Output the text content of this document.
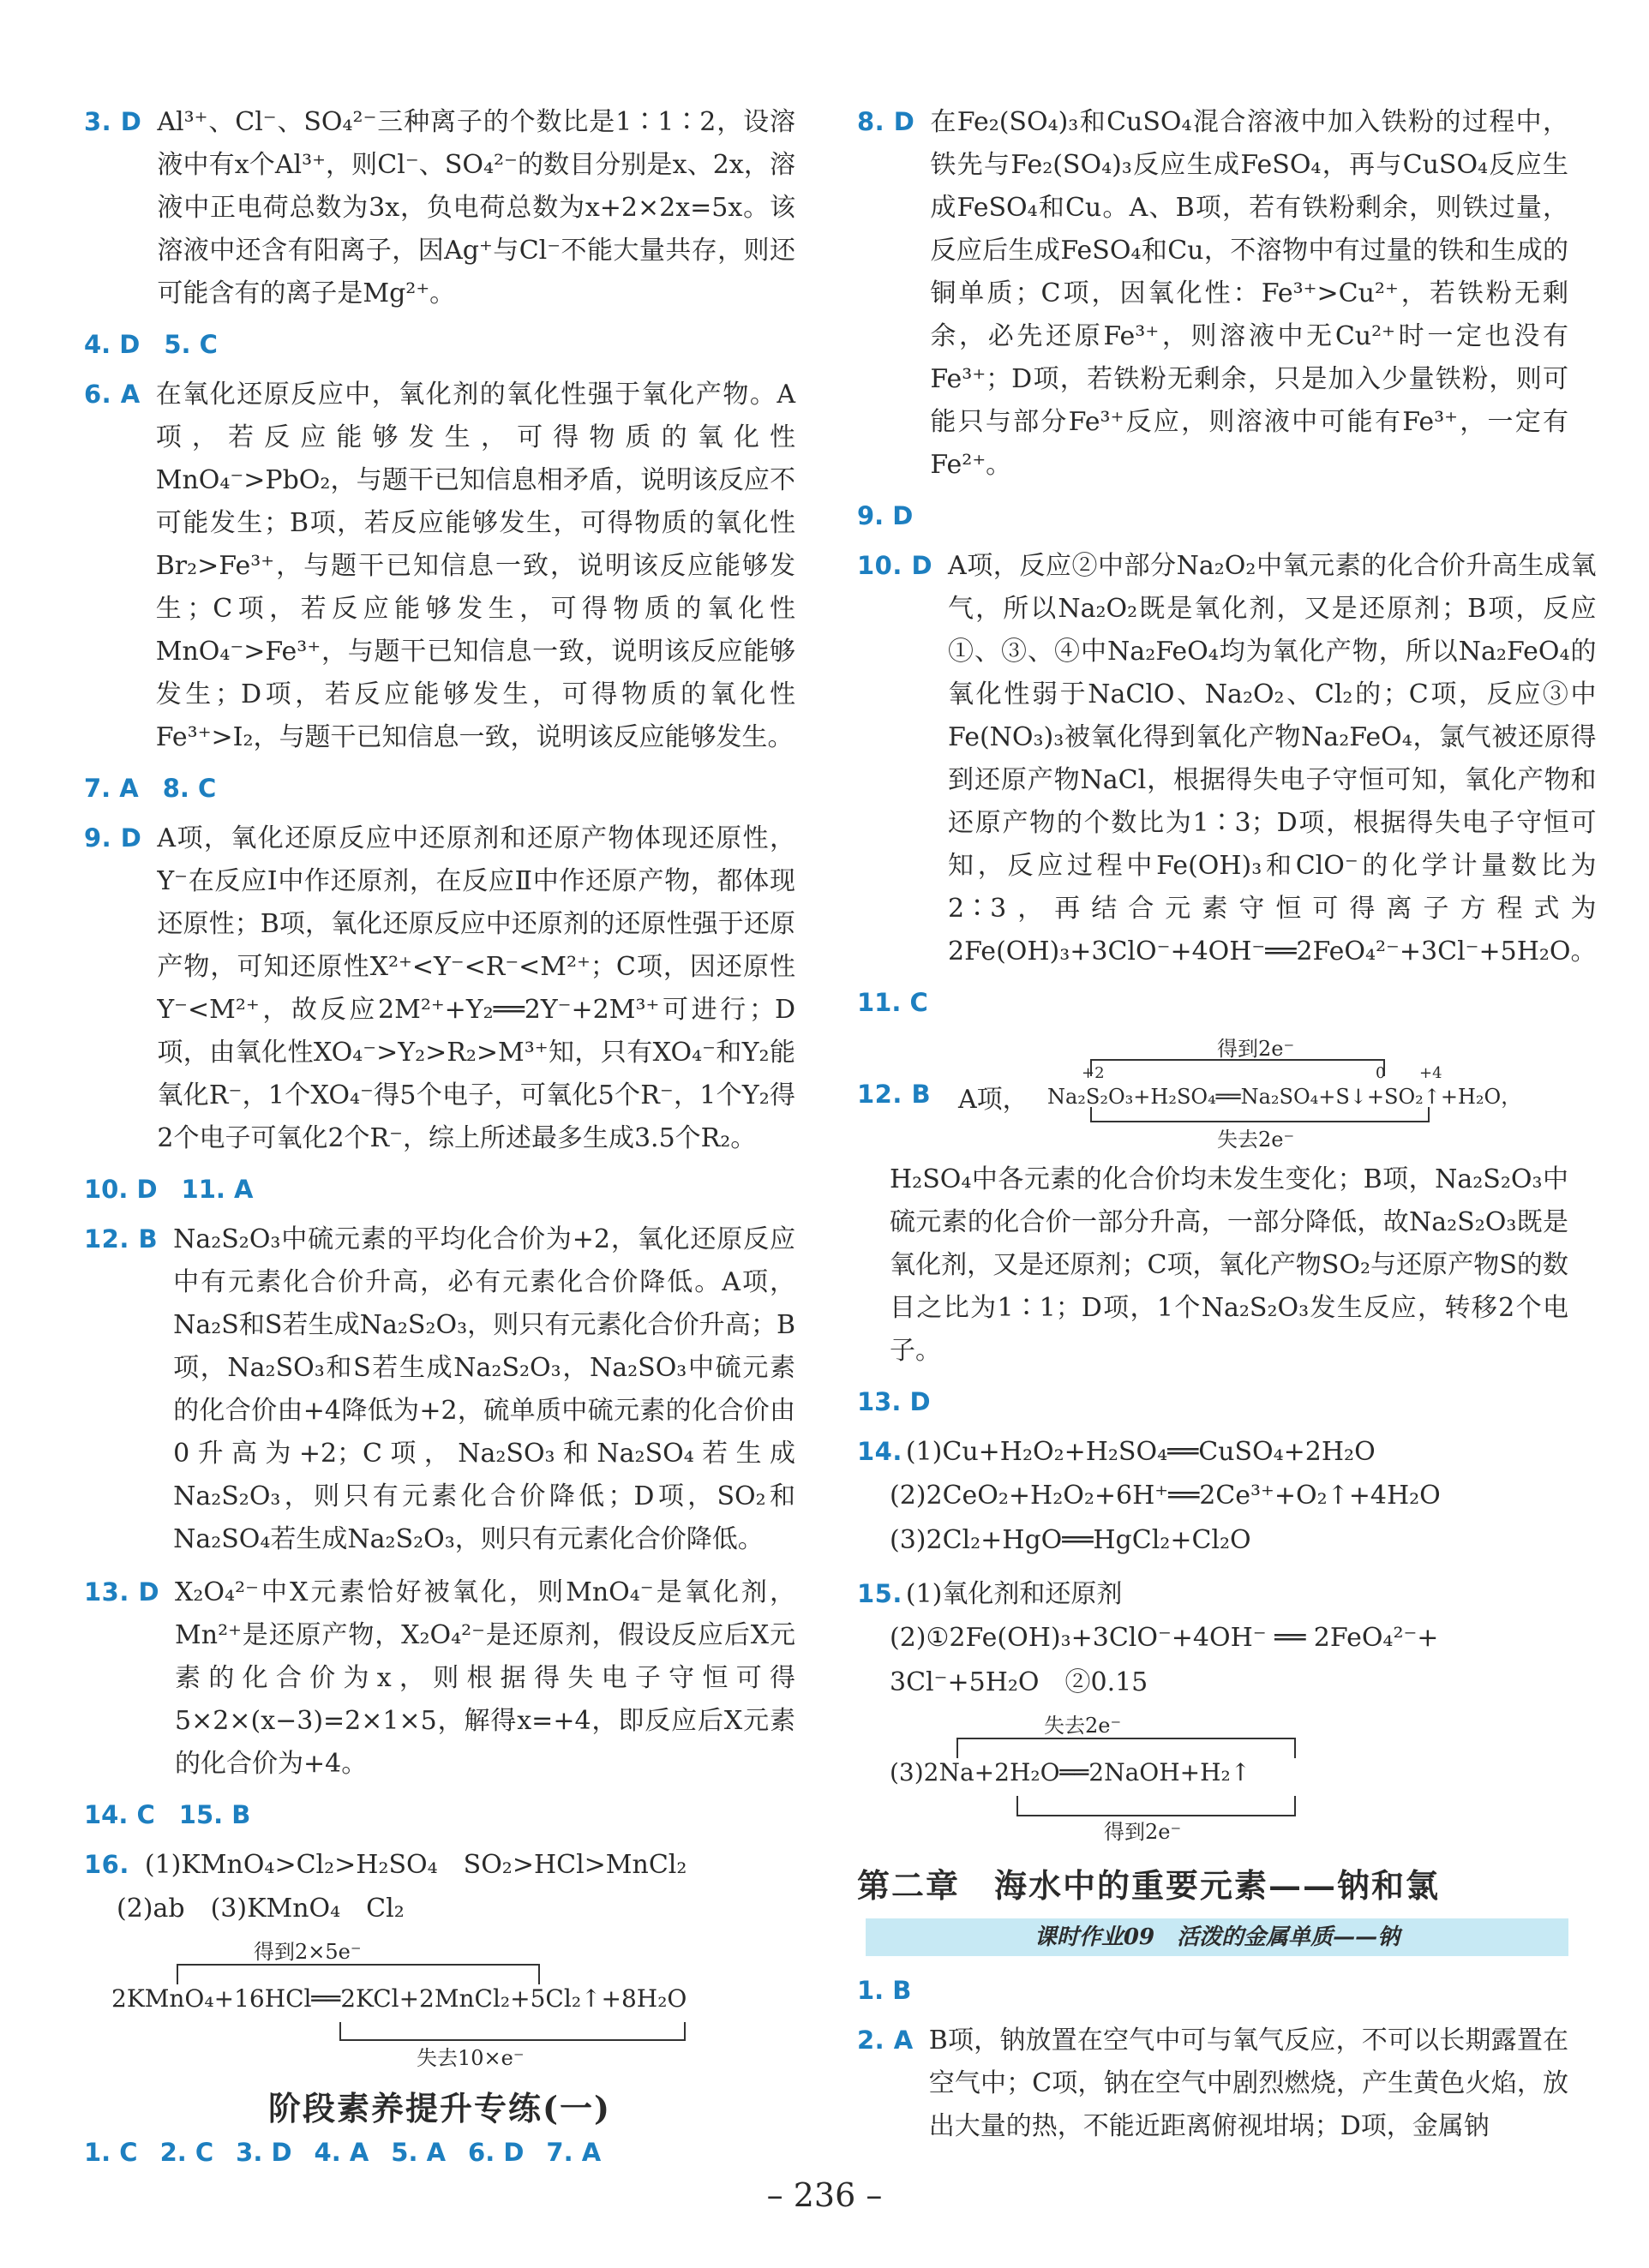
3. D Al³⁺、Cl⁻、SO₄²⁻三种离子的个数比是1∶1∶2，设溶液中有x个Al³⁺，则Cl⁻、SO₄²⁻的数目分别是x、2x，溶液中正电荷总数为3x，负电荷总数为x+2×2x=5x。该溶液中还含有阳离子，因Ag⁺与Cl⁻不能大量共存，则还可能含有的离子是Mg²⁺。
4. D 5. C
6. A 在氧化还原反应中，氧化剂的氧化性强于氧化产物。A项，若反应能够发生，可得物质的氧化性MnO₄⁻>PbO₂，与题干已知信息相矛盾，说明该反应不可能发生；B项，若反应能够发生，可得物质的氧化性Br₂>Fe³⁺，与题干已知信息一致，说明该反应能够发生；C项，若反应能够发生，可得物质的氧化性MnO₄⁻>Fe³⁺，与题干已知信息一致，说明该反应能够发生；D项，若反应能够发生，可得物质的氧化性Fe³⁺>I₂，与题干已知信息一致，说明该反应能够发生。
7. A 8. C
9. D A项，氧化还原反应中还原剂和还原产物体现还原性，Y⁻在反应Ⅰ中作还原剂，在反应Ⅱ中作还原产物，都体现还原性；B项，氧化还原反应中还原剂的还原性强于还原产物，可知还原性X²⁺<Y⁻<R⁻<M²⁺；C项，因还原性Y⁻<M²⁺，故反应2M²⁺+Y₂══2Y⁻+2M³⁺可进行；D项，由氧化性XO₄⁻>Y₂>R₂>M³⁺知，只有XO₄⁻和Y₂能氧化R⁻，1个XO₄⁻得5个电子，可氧化5个R⁻，1个Y₂得2个电子可氧化2个R⁻，综上所述最多生成3.5个R₂。
10. D 11. A
12. B Na₂S₂O₃中硫元素的平均化合价为+2，氧化还原反应中有元素化合价升高，必有元素化合价降低。A项，Na₂S和S若生成Na₂S₂O₃，则只有元素化合价升高；B项，Na₂SO₃和S若生成Na₂S₂O₃，Na₂SO₃中硫元素的化合价由+4降低为+2，硫单质中硫元素的化合价由0升高为+2；C项，Na₂SO₃和Na₂SO₄若生成Na₂S₂O₃，则只有元素化合价降低；D项，SO₂和Na₂SO₄若生成Na₂S₂O₃，则只有元素化合价降低。
13. D X₂O₄²⁻中X元素恰好被氧化，则MnO₄⁻是氧化剂，Mn²⁺是还原产物，X₂O₄²⁻是还原剂，假设反应后X元素的化合价为x，则根据得失电子守恒可得5×2×(x−3)=2×1×5，解得x=+4，即反应后X元素的化合价为+4。
14. C 15. B
16. (1)KMnO₄>Cl₂>H₂SO₄　SO₂>HCl>MnCl₂
(2)ab　(3)KMnO₄　Cl₂
得到2×5e⁻
2KMnO₄+16HCl══2KCl+2MnCl₂+5Cl₂↑+8H₂O
失去10×e⁻
阶段素养提升专练(一)
1. C 2. C 3. D 4. A 5. A 6. D 7. A
8. D 在Fe₂(SO₄)₃和CuSO₄混合溶液中加入铁粉的过程中，铁先与Fe₂(SO₄)₃反应生成FeSO₄，再与CuSO₄反应生成FeSO₄和Cu。A、B项，若有铁粉剩余，则铁过量，反应后生成FeSO₄和Cu，不溶物中有过量的铁和生成的铜单质；C项，因氧化性：Fe³⁺>Cu²⁺，若铁粉无剩余，必先还原Fe³⁺，则溶液中无Cu²⁺时一定也没有Fe³⁺；D项，若铁粉无剩余，只是加入少量铁粉，则可能只与部分Fe³⁺反应，则溶液中可能有Fe³⁺，一定有Fe²⁺。
9. D
10. D A项，反应②中部分Na₂O₂中氧元素的化合价升高生成氧气，所以Na₂O₂既是氧化剂，又是还原剂；B项，反应①、③、④中Na₂FeO₄均为氧化产物，所以Na₂FeO₄的氧化性弱于NaClO、Na₂O₂、Cl₂的；C项，反应③中Fe(NO₃)₃被氧化得到氧化产物Na₂FeO₄，氯气被还原得到还原产物NaCl，根据得失电子守恒可知，氧化产物和还原产物的个数比为1∶3；D项，根据得失电子守恒可知，反应过程中Fe(OH)₃和ClO⁻的化学计量数比为2∶3，再结合元素守恒可得离子方程式为2Fe(OH)₃+3ClO⁻+4OH⁻══2FeO₄²⁻+3Cl⁻+5H₂O。
11. C
12. B A项，
得到2e⁻
+2	0 +4
Na₂S₂O₃+H₂SO₄══Na₂SO₄+S↓+SO₂↑+H₂O，
失去2e⁻
H₂SO₄中各元素的化合价均未发生变化；B项，Na₂S₂O₃中硫元素的化合价一部分升高，一部分降低，故Na₂S₂O₃既是氧化剂，又是还原剂；C项，氧化产物SO₂与还原产物S的数目之比为1∶1；D项，1个Na₂S₂O₃发生反应，转移2个电子。
13. D
14. (1)Cu+H₂O₂+H₂SO₄══CuSO₄+2H₂O
(2)2CeO₂+H₂O₂+6H⁺══2Ce³⁺+O₂↑+4H₂O
(3)2Cl₂+HgO══HgCl₂+Cl₂O
15. (1)氧化剂和还原剂
(2)①2Fe(OH)₃+3ClO⁻+4OH⁻ ══ 2FeO₄²⁻+
3Cl⁻+5H₂O　②0.15
失去2e⁻
(3)2Na+2H₂O══2NaOH+H₂↑
得到2e⁻
第二章　海水中的重要元素——钠和氯
课时作业09　活泼的金属单质——钠
1. B
2. A B项，钠放置在空气中可与氧气反应，不可以长期露置在空气中；C项，钠在空气中剧烈燃烧，产生黄色火焰，放出大量的热，不能近距离俯视坩埚；D项，金属钠
– 236 –
